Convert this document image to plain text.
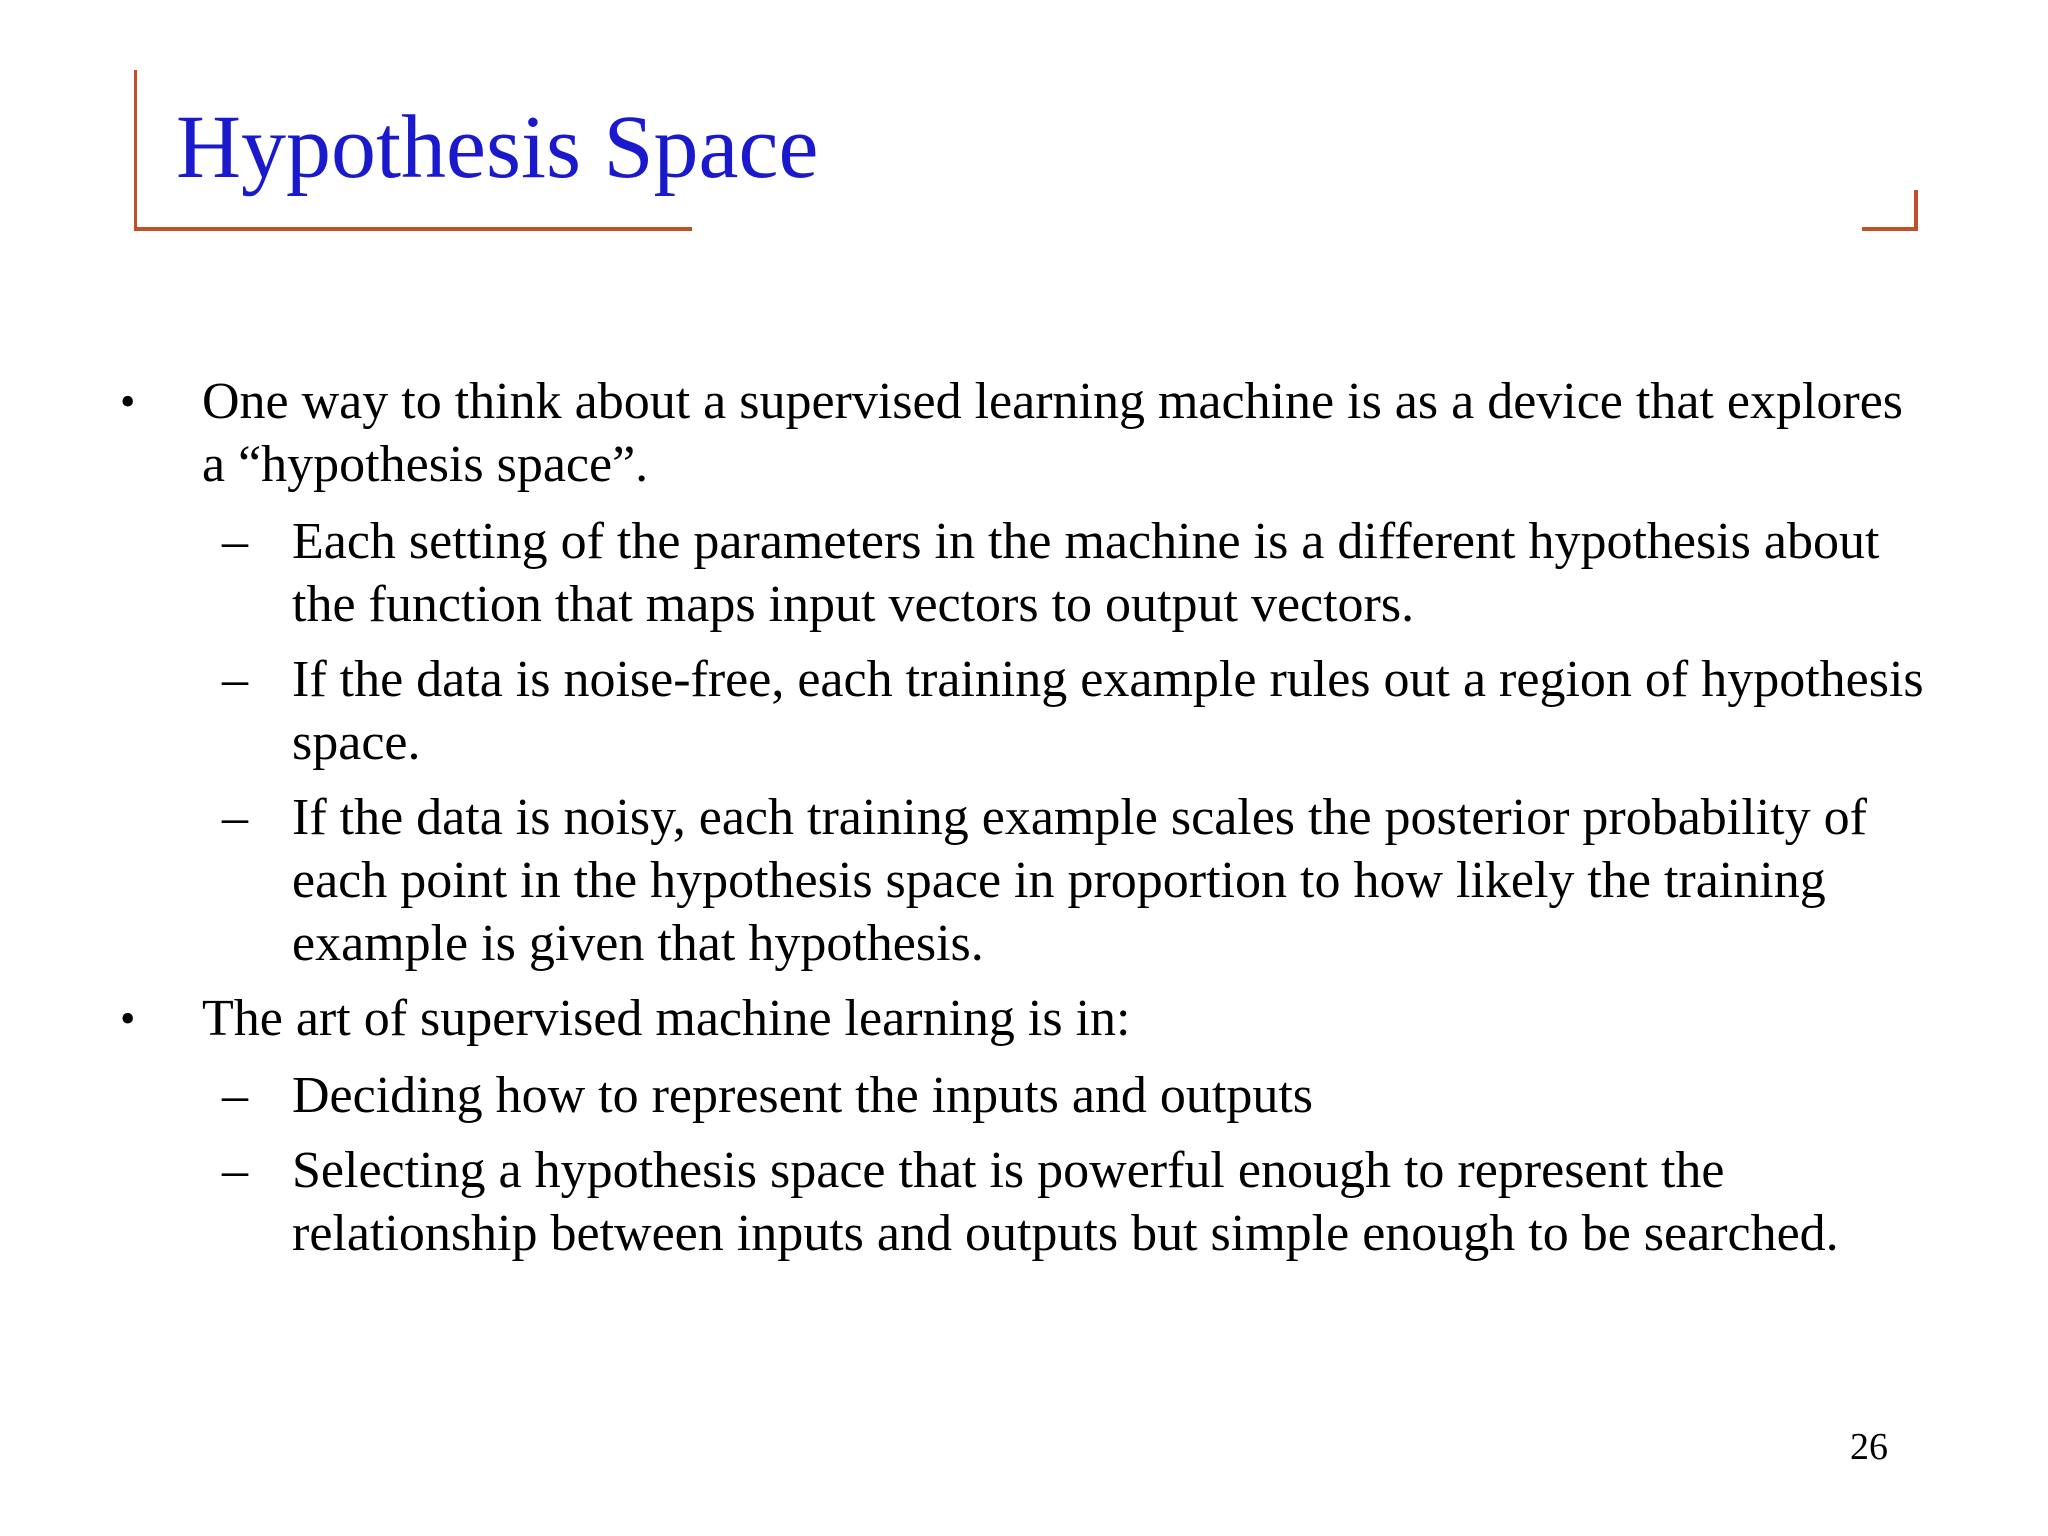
Hypothesis Space
• One way to think about a supervised learning machine is as a device that explores a “hypothesis space”.
– Each setting of the parameters in the machine is a different hypothesis about the function that maps input vectors to output vectors.
– If the data is noise-free, each training example rules out a region of hypothesis space.
– If the data is noisy, each training example scales the posterior probability of each point in the hypothesis space in proportion to how likely the training example is given that hypothesis.
• The art of supervised machine learning is in:
– Deciding how to represent the inputs and outputs
– Selecting a hypothesis space that is powerful enough to represent the relationship between inputs and outputs but simple enough to be searched.
26
